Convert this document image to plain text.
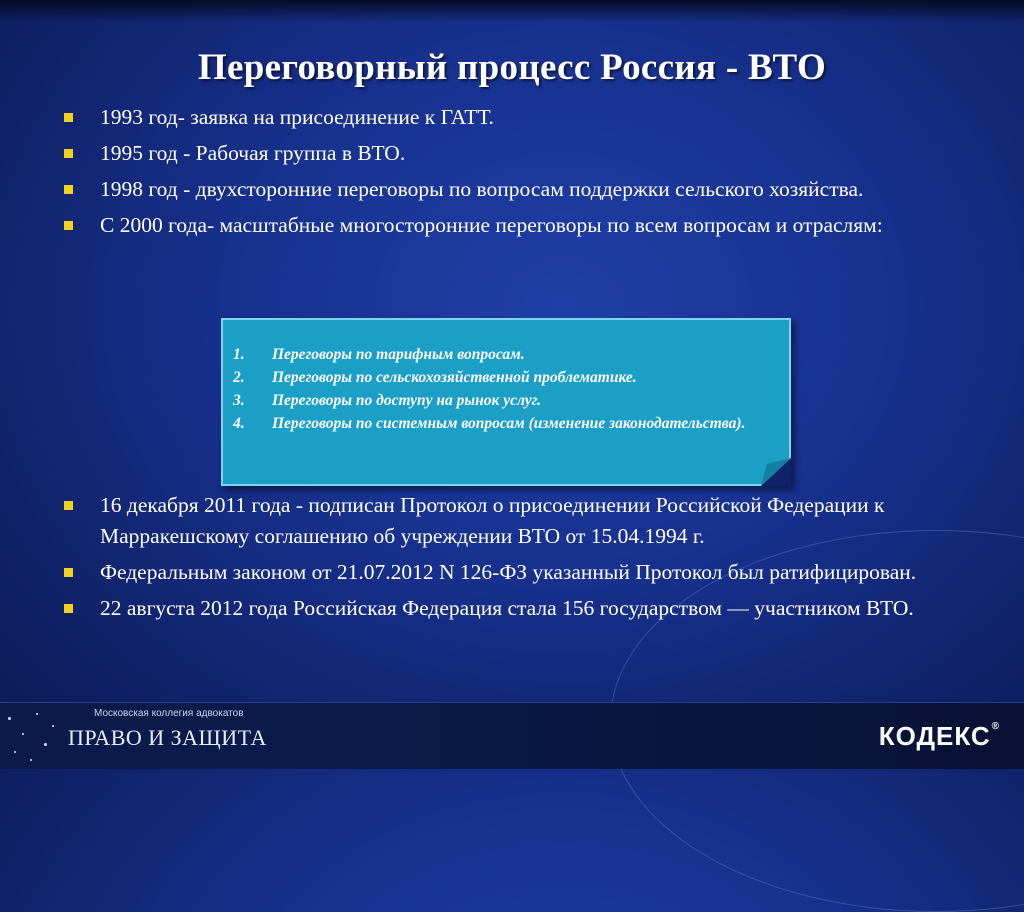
Переговорный процесс Россия - ВТО
1993 год- заявка на присоединение к ГАТТ.
1995 год - Рабочая группа в ВТО.
1998 год - двухсторонние переговоры по вопросам поддержки сельского хозяйства.
С 2000 года- масштабные многосторонние переговоры по всем вопросам и отраслям:
1. Переговоры по тарифным вопросам.
2. Переговоры по сельскохозяйственной проблематике.
3. Переговоры по доступу на рынок услуг.
4. Переговоры по системным вопросам (изменение законодательства).
16 декабря 2011 года - подписан Протокол о присоединении Российской Федерации к Марракешскому соглашению об учреждении ВТО от 15.04.1994 г.
Федеральным законом от 21.07.2012 N 126-ФЗ указанный Протокол был ратифицирован.
22 августа 2012 года Российская Федерация стала 156 государством — участником ВТО.
Московская коллегия адвокатов
ПРАВО И ЗАЩИТА	КОДЕКС®
